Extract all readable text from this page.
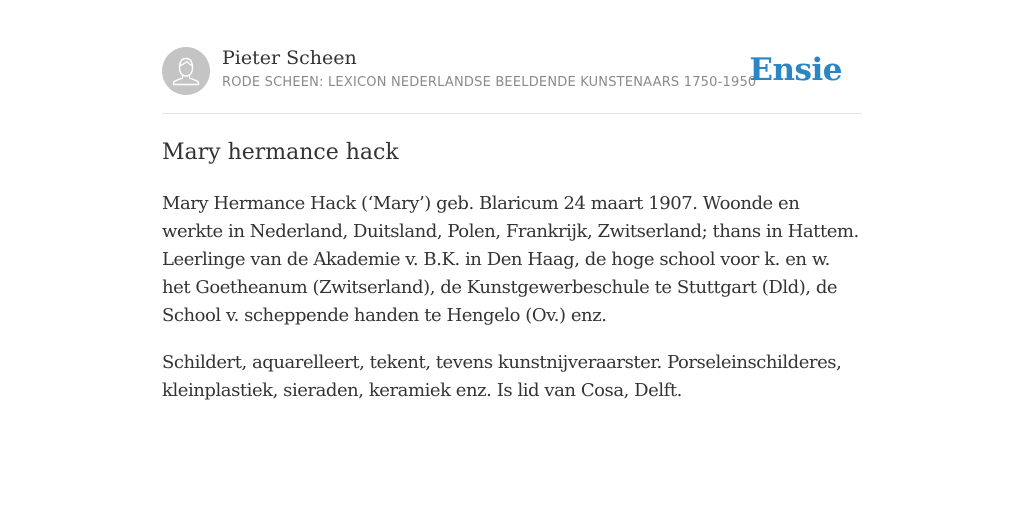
Pieter Scheen
RODE SCHEEN: LEXICON NEDERLANDSE BEELDENDE KUNSTENAARS 1750-1950
Ensie
Mary hermance hack

Mary Hermance Hack (‘Mary’) geb. Blaricum 24 maart 1907. Woonde en werkte in Nederland, Duitsland, Polen, Frankrijk, Zwitserland; thans in Hattem. Leerlinge van de Akademie v. B.K. in Den Haag, de hoge school voor k. en w. het Goetheanum (Zwitserland), de Kunstgewerbeschule te Stuttgart (Dld), de School v. scheppende handen te Hengelo (Ov.) enz.

Schildert, aquarelleert, tekent, tevens kunstnijveraarster. Porseleinschilderes, kleinplastiek, sieraden, keramiek enz. Is lid van Cosa, Delft.
